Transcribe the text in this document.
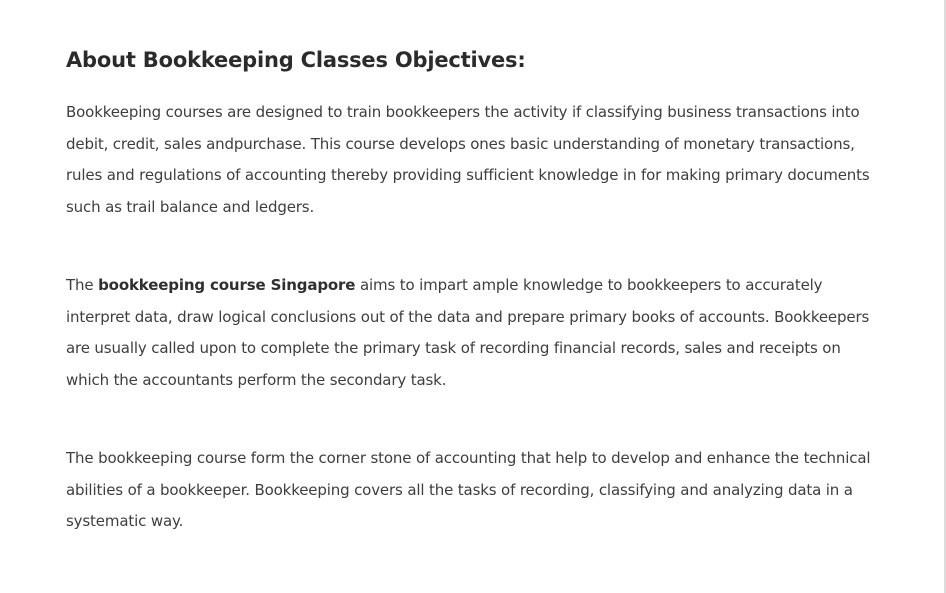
About Bookkeeping Classes Objectives:

Bookkeeping courses are designed to train bookkeepers the activity if classifying business transactions into debit, credit, sales andpurchase. This course develops ones basic understanding of monetary transactions, rules and regulations of accounting thereby providing sufficient knowledge in for making primary documents such as trail balance and ledgers.

The bookkeeping course Singapore aims to impart ample knowledge to bookkeepers to accurately interpret data, draw logical conclusions out of the data and prepare primary books of accounts. Bookkeepers are usually called upon to complete the primary task of recording financial records, sales and receipts on which the accountants perform the secondary task.

The bookkeeping course form the corner stone of accounting that help to develop and enhance the technical abilities of a bookkeeper. Bookkeeping covers all the tasks of recording, classifying and analyzing data in a systematic way.
